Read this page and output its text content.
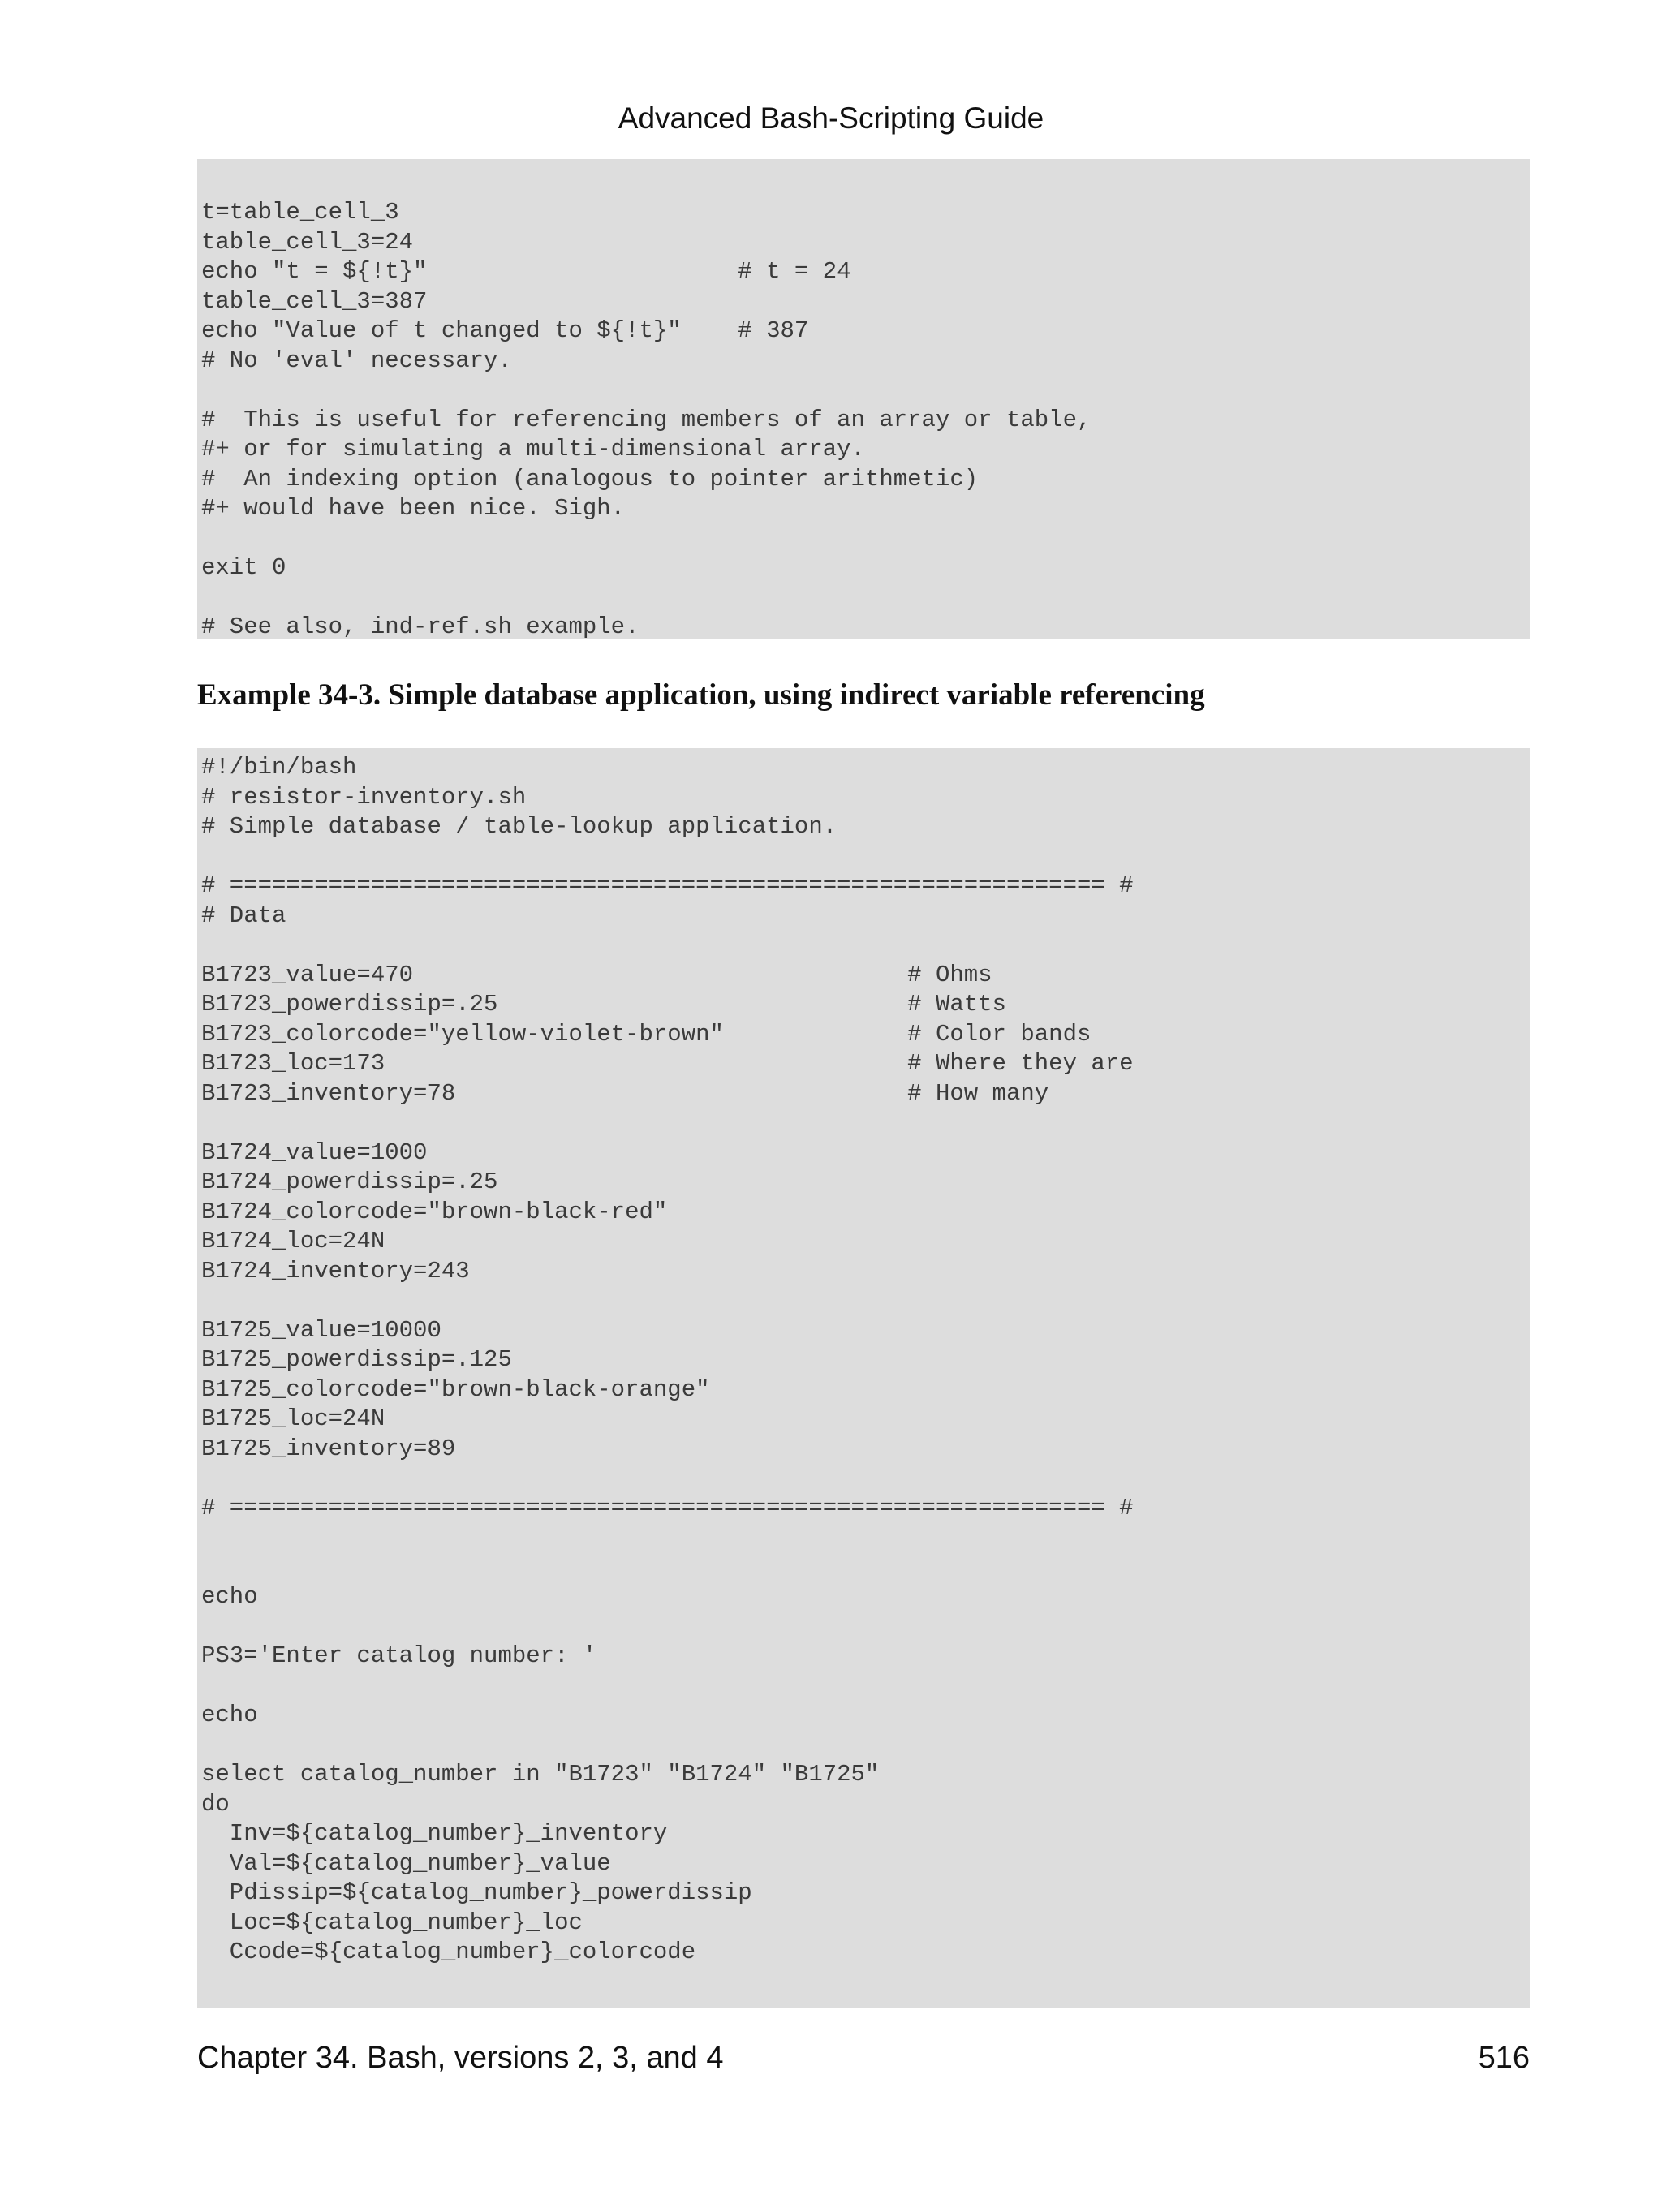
Advanced Bash-Scripting Guide
t=table_cell_3
table_cell_3=24
echo "t = ${!t}"                      # t = 24
table_cell_3=387
echo "Value of t changed to ${!t}"    # 387
# No 'eval' necessary.

#  This is useful for referencing members of an array or table,
#+ or for simulating a multi-dimensional array.
#  An indexing option (analogous to pointer arithmetic)
#+ would have been nice. Sigh.

exit 0

# See also, ind-ref.sh example.
Example 34-3. Simple database application, using indirect variable referencing
#!/bin/bash
# resistor-inventory.sh
# Simple database / table-lookup application.

# ============================================================== #
# Data

B1723_value=470                                   # Ohms
B1723_powerdissip=.25                             # Watts
B1723_colorcode="yellow-violet-brown"             # Color bands
B1723_loc=173                                     # Where they are
B1723_inventory=78                                # How many

B1724_value=1000
B1724_powerdissip=.25
B1724_colorcode="brown-black-red"
B1724_loc=24N
B1724_inventory=243

B1725_value=10000
B1725_powerdissip=.125
B1725_colorcode="brown-black-orange"
B1725_loc=24N
B1725_inventory=89

# ============================================================== #

echo

PS3='Enter catalog number: '

echo

select catalog_number in "B1723" "B1724" "B1725"
do
Inv=${catalog_number}_inventory
Val=${catalog_number}_value
Pdissip=${catalog_number}_powerdissip
Loc=${catalog_number}_loc
Ccode=${catalog_number}_colorcode
Chapter 34. Bash, versions 2, 3, and 4	516
